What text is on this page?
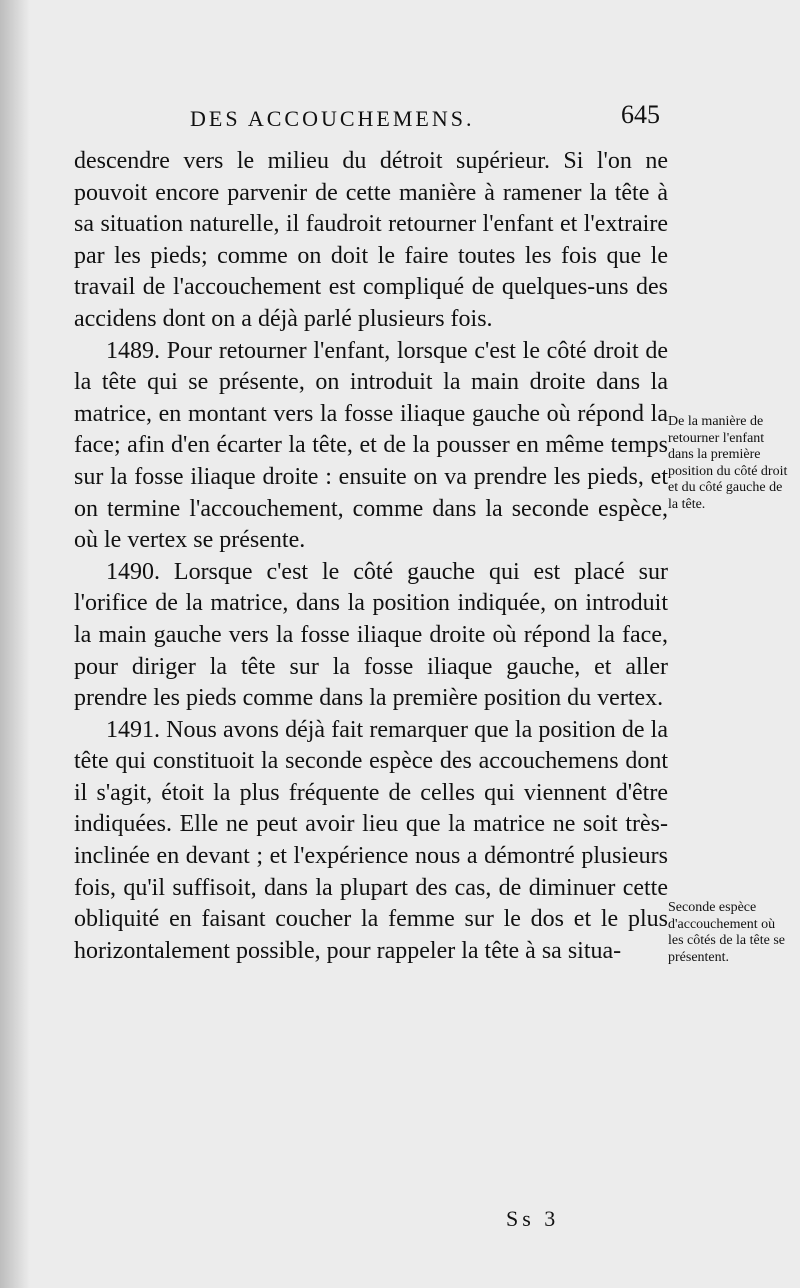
DES ACCOUCHEMENS.	645

descendre vers le milieu du détroit supérieur. Si l'on ne pouvoit encore parvenir de cette manière à ramener la tête à sa situation naturelle, il faudroit retourner l'enfant et l'extraire par les pieds; comme on doit le faire toutes les fois que le travail de l'accouchement est compliqué de quelques-uns des accidens dont on a déjà parlé plusieurs fois.

1489. Pour retourner l'enfant, lorsque c'est le côté droit de la tête qui se présente, on introduit la main droite dans la matrice, en montant vers la fosse iliaque gauche où répond la face; afin d'en écarter la tête, et de la pousser en même temps sur la fosse iliaque droite : ensuite on va prendre les pieds, et on termine l'accouchement, comme dans la seconde espèce, où le vertex se présente.

1490. Lorsque c'est le côté gauche qui est placé sur l'orifice de la matrice, dans la position indiquée, on introduit la main gauche vers la fosse iliaque droite où répond la face, pour diriger la tête sur la fosse iliaque gauche, et aller prendre les pieds comme dans la première position du vertex.

1491. Nous avons déjà fait remarquer que la position de la tête qui constituoit la seconde espèce des accouchemens dont il s'agit, étoit la plus fréquente de celles qui viennent d'être indiquées. Elle ne peut avoir lieu que la matrice ne soit très-inclinée en devant ; et l'expérience nous a démontré plusieurs fois, qu'il suffisoit, dans la plupart des cas, de diminuer cette obliquité en faisant coucher la femme sur le dos et le plus horizontalement possible, pour rappeler la tête à sa situa-

De la manière de retourner l'enfant dans la première position du côté droit et du côté gauche de la tête.
Seconde espèce d'accouchement où les côtés de la tête se présentent.
Ss 3
